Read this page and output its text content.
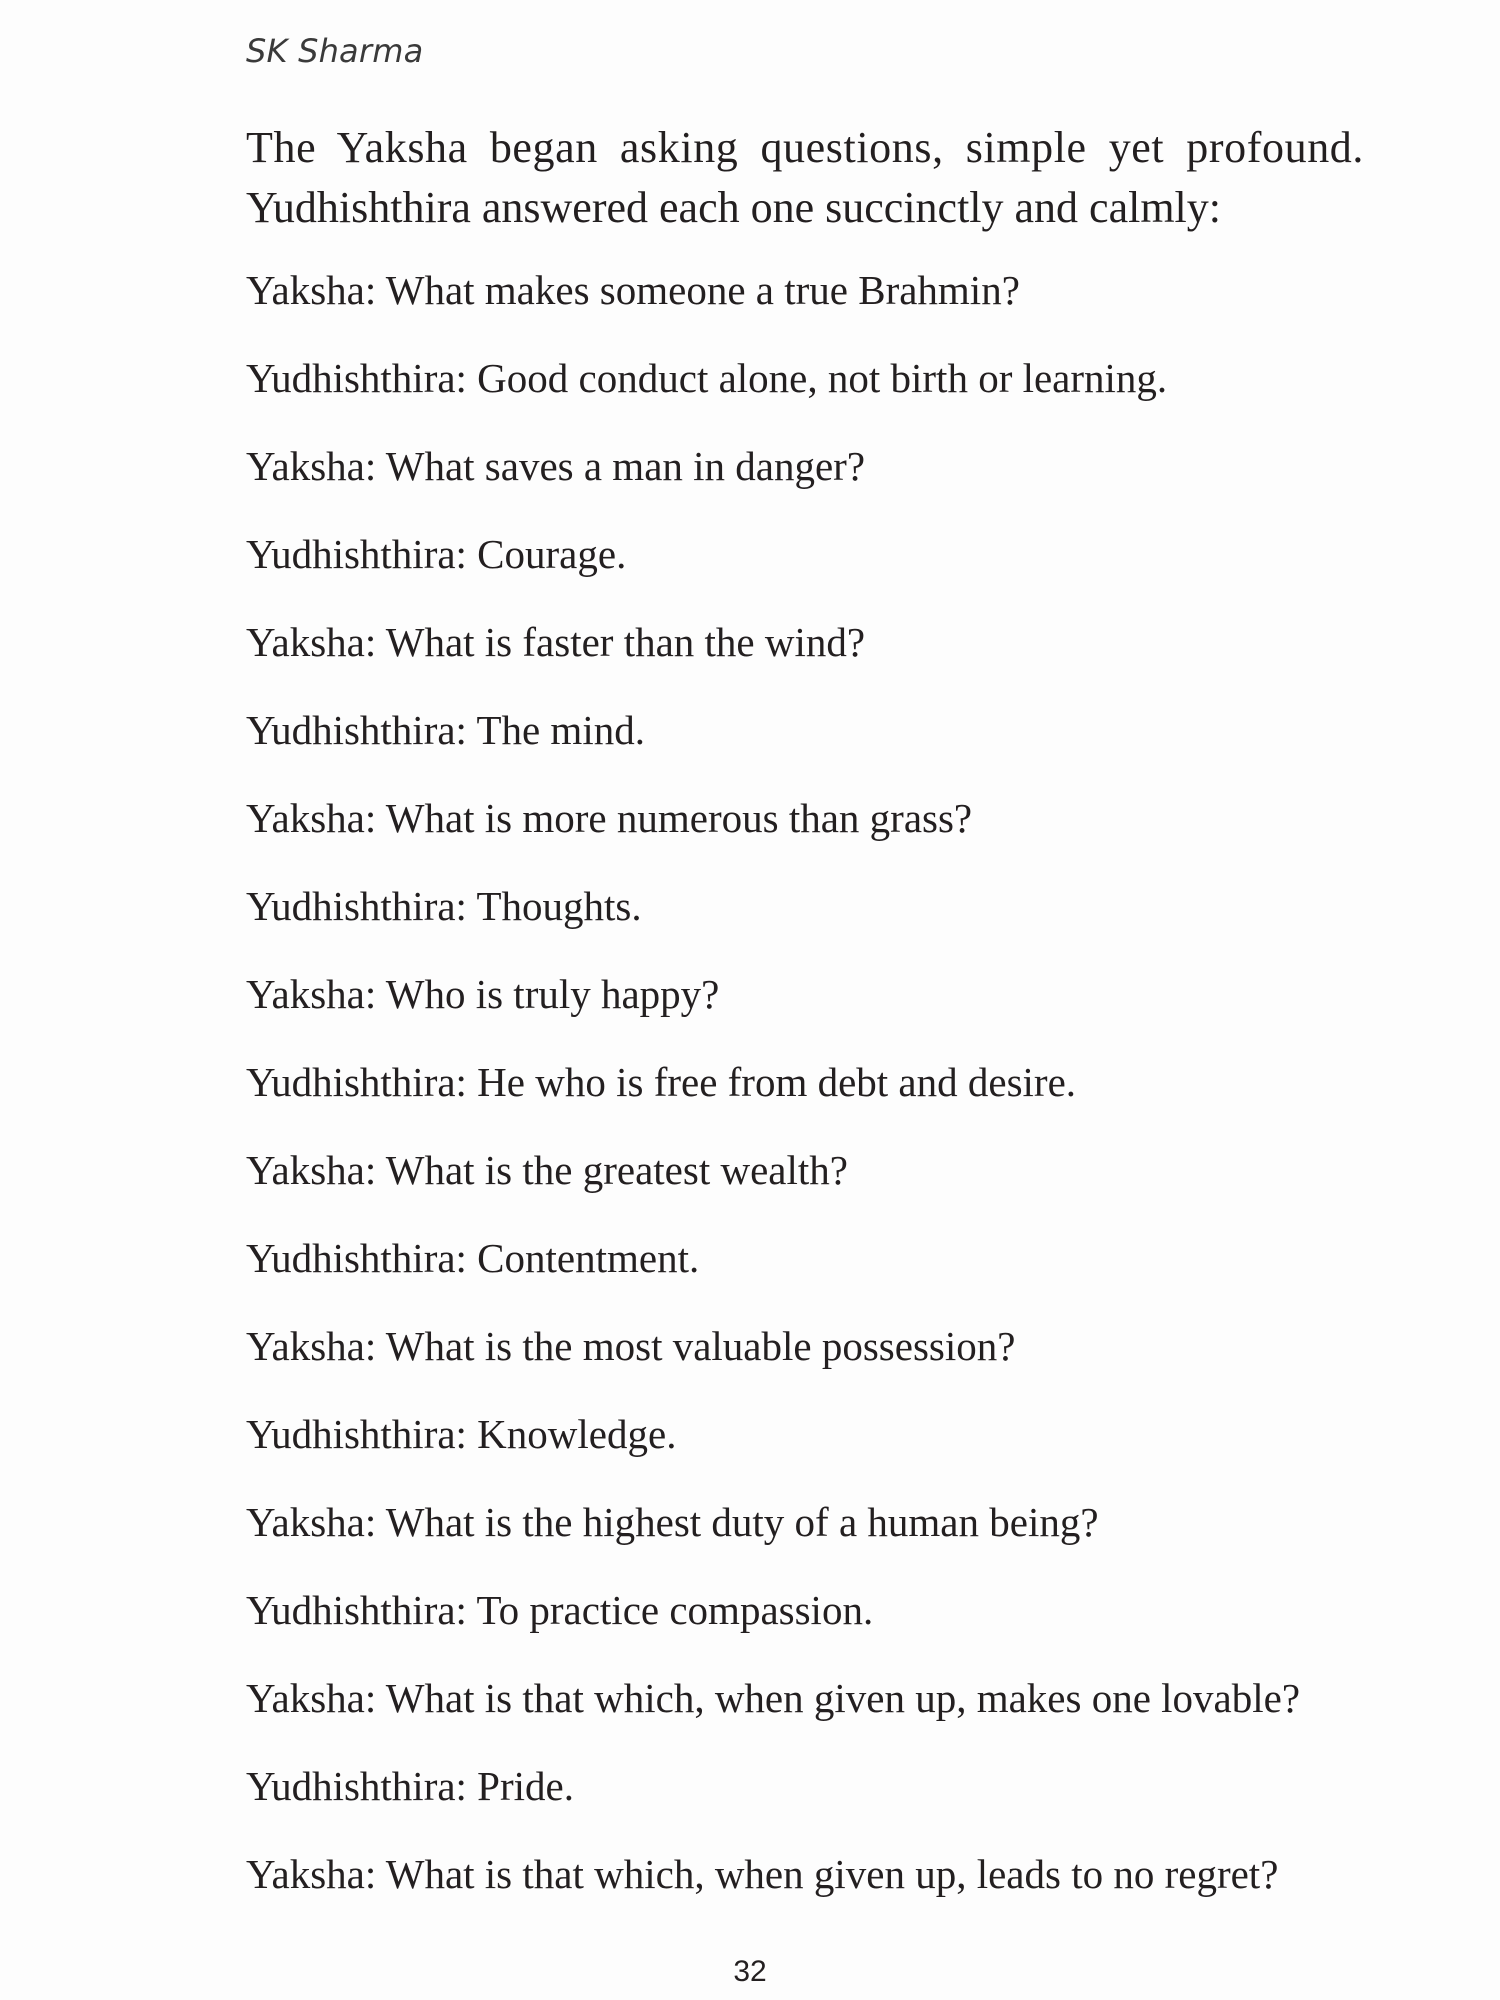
SK Sharma
The Yaksha began asking questions, simple yet profound.
Yudhishthira answered each one succinctly and calmly:
Yaksha: What makes someone a true Brahmin?
Yudhishthira: Good conduct alone, not birth or learning.
Yaksha: What saves a man in danger?
Yudhishthira: Courage.
Yaksha: What is faster than the wind?
Yudhishthira: The mind.
Yaksha: What is more numerous than grass?
Yudhishthira: Thoughts.
Yaksha: Who is truly happy?
Yudhishthira: He who is free from debt and desire.
Yaksha: What is the greatest wealth?
Yudhishthira: Contentment.
Yaksha: What is the most valuable possession?
Yudhishthira: Knowledge.
Yaksha: What is the highest duty of a human being?
Yudhishthira: To practice compassion.
Yaksha: What is that which, when given up, makes one lovable?
Yudhishthira: Pride.
Yaksha: What is that which, when given up, leads to no regret?
32
